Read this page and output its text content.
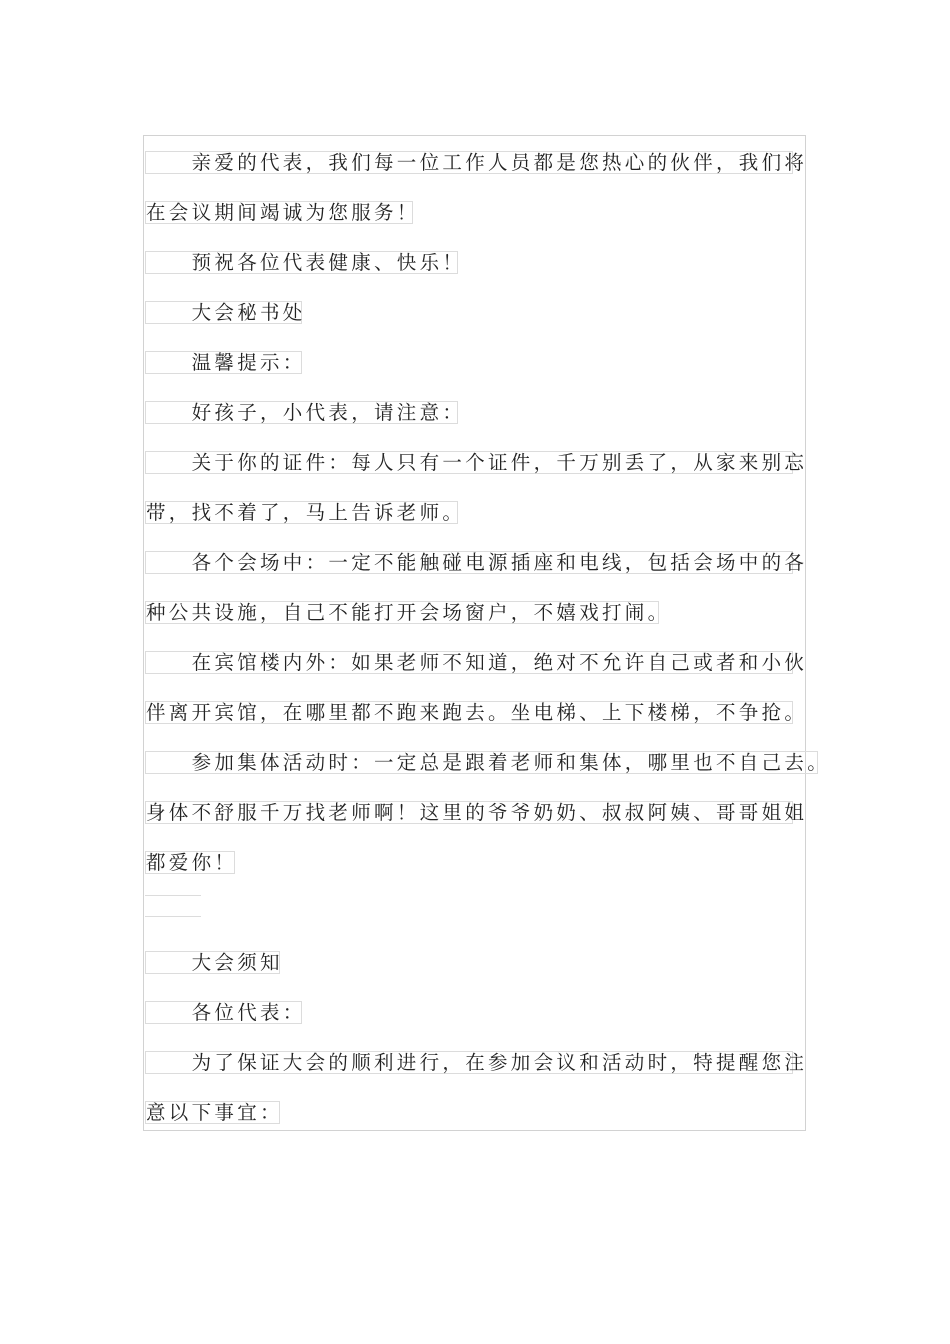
　　亲爱的代表，我们每一位工作人员都是您热心的伙伴，我们将
在会议期间竭诚为您服务！
　　预祝各位代表健康、快乐！
　　大会秘书处
　　温馨提示：
　　好孩子，小代表，请注意：
　　关于你的证件：每人只有一个证件，千万别丢了，从家来别忘
带，找不着了，马上告诉老师。
　　各个会场中：一定不能触碰电源插座和电线，包括会场中的各
种公共设施，自己不能打开会场窗户，不嬉戏打闹。
　　在宾馆楼内外：如果老师不知道，绝对不允许自己或者和小伙
伴离开宾馆，在哪里都不跑来跑去。坐电梯、上下楼梯，不争抢。
　　参加集体活动时：一定总是跟着老师和集体，哪里也不自己去。
身体不舒服千万找老师啊！这里的爷爷奶奶、叔叔阿姨、哥哥姐姐
都爱你！
　　大会须知
　　各位代表：
　　为了保证大会的顺利进行，在参加会议和活动时，特提醒您注
意以下事宜：
